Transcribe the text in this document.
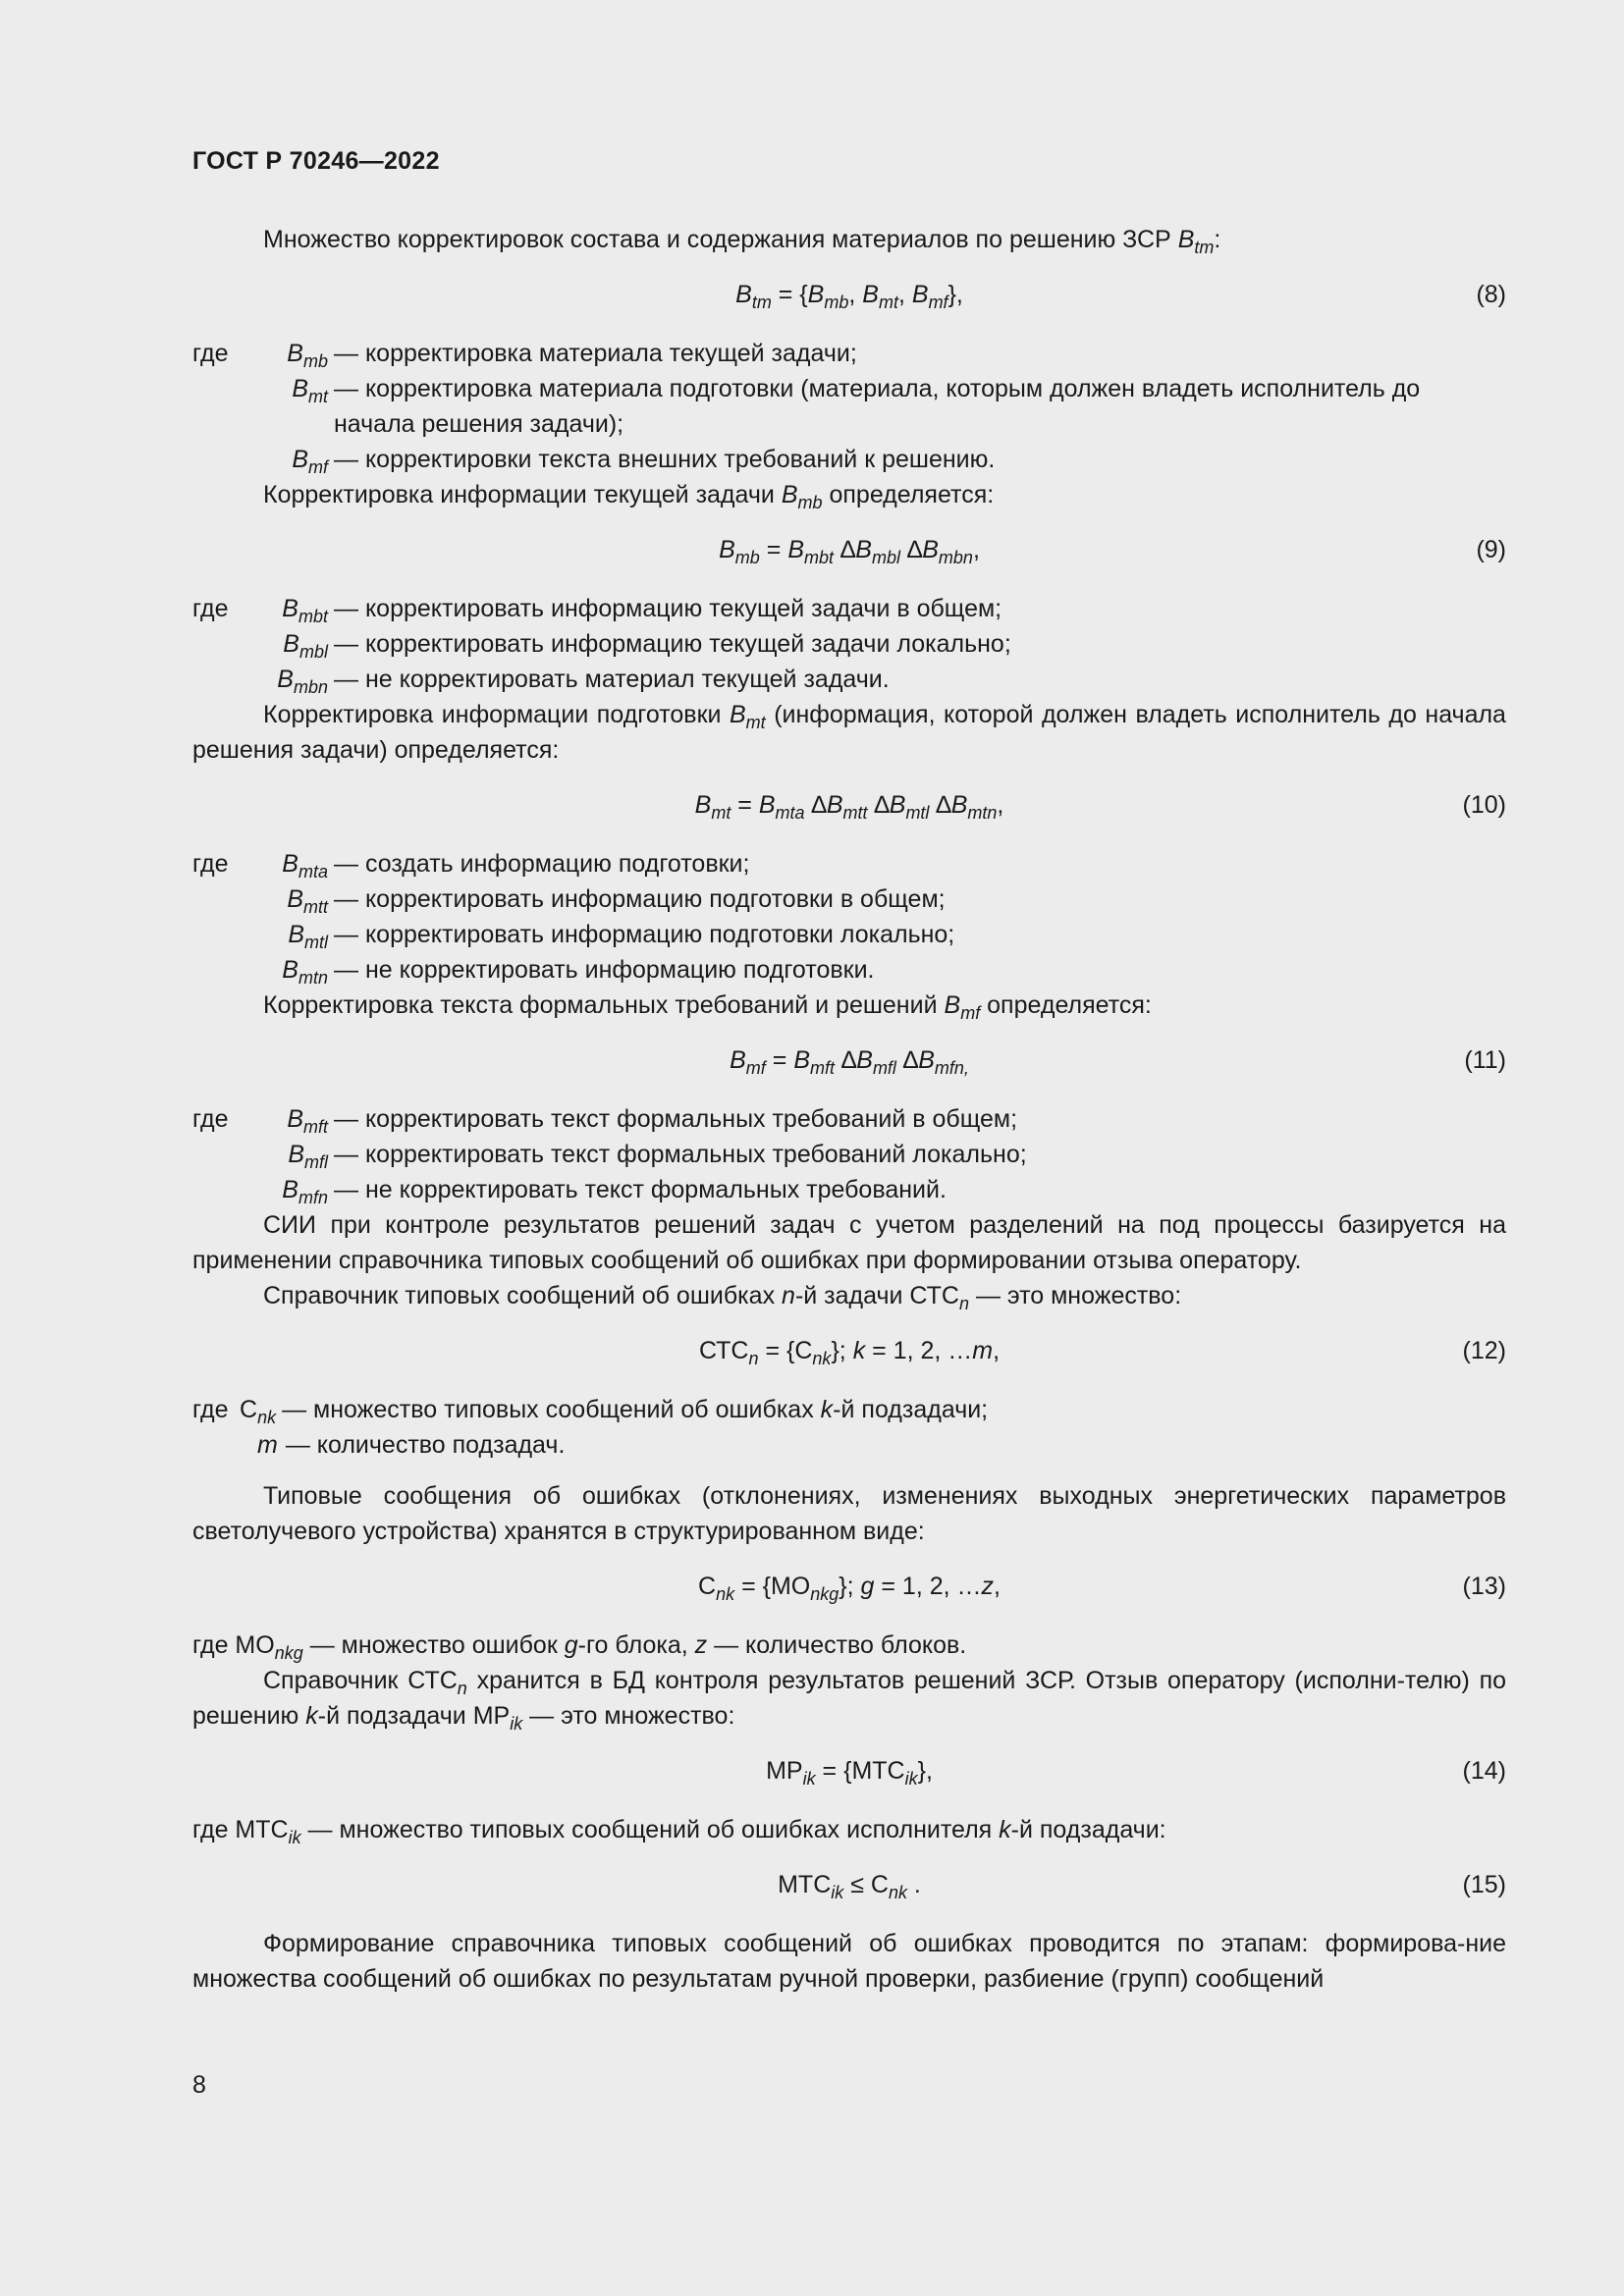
ГОСТ Р 70246—2022

Множество корректировок состава и содержания материалов по решению ЗСР $B_{tm}$:

$B_{tm} = \{B_{mb}$, $B_{mt}$, $B_{mf}$},	(8)
где	$B_{mb}$ — корректировка материала текущей задачи;
$B_{mt}$ — корректировка материала подготовки (материала, которым должен владеть исполнитель до начала решения задачи);
$B_{mf}$ — корректировки текста внешних требований к решению.

Корректировка информации текущей задачи $B_{mb}$ определяется:

$B_{mb} = B_{mbt}$ $\Delta B_{mbl}$ $\Delta B_{mbn}$,	(9)
где	$B_{mbt}$ — корректировать информацию текущей задачи в общем;
$B_{mbl}$ — корректировать информацию текущей задачи локально;
$B_{mbn}$ — не корректировать материал текущей задачи.

Корректировка информации подготовки $B_{mt}$ (информация, которой должен владеть исполнитель до начала решения задачи) определяется:

$B_{mt} = B_{mta}$ $\Delta B_{mtt}$ $\Delta B_{mtl}$ $\Delta B_{mtn}$,	(10)
где	$B_{mta}$ — создать информацию подготовки;
$B_{mtt}$ — корректировать информацию подготовки в общем;
$B_{mtl}$ — корректировать информацию подготовки локально;
$B_{mtn}$ — не корректировать информацию подготовки.

Корректировка текста формальных требований и решений $B_{mf}$ определяется:

$B_{mf} = B_{mft}$ $\Delta B_{mfl}$ $\Delta B_{mfn,}$	(11)
где	$B_{mft}$ — корректировать текст формальных требований в общем;
$B_{mfl}$ — корректировать текст формальных требований локально;
$B_{mfn}$ — не корректировать текст формальных требований.

СИИ при контроле результатов решений задач с учетом разделений на под процессы базируется на применении справочника типовых сообщений об ошибках при формировании отзыва оператору.

Справочник типовых сообщений об ошибках n-й задачи $СТС_n$ — это множество:

$СТС_n = \{С_{nk}\}$; k = 1, 2, …m,	(12)
где $С_{nk}$ — множество типовых сообщений об ошибках k-й подзадачи;
m — количество подзадач.

Типовые сообщения об ошибках (отклонениях, изменениях выходных энергетических параметров светолучевого устройства) хранятся в структурированном виде:

$С_{nk} = \{МО_{nkg}\}$; g = 1, 2, …z,	(13)
где $МО_{nkg}$ — множество ошибок g-го блока, z — количество блоков.

Справочник $СТС_n$ хранится в БД контроля результатов решений ЗСР. Отзыв оператору (исполни-телю) по решению k-й подзадачи $МР_{ik}$ — это множество:

$МР_{ik} = \{МТС_{ik}\}$,	(14)
где $МТС_{ik}$ — множество типовых сообщений об ошибках исполнителя k-й подзадачи:
$МТС_{ik} \le С_{nk}$ .	(15)

Формирование справочника типовых сообщений об ошибках проводится по этапам: формирова-ние множества сообщений об ошибках по результатам ручной проверки, разбиение (групп) сообщений

8
